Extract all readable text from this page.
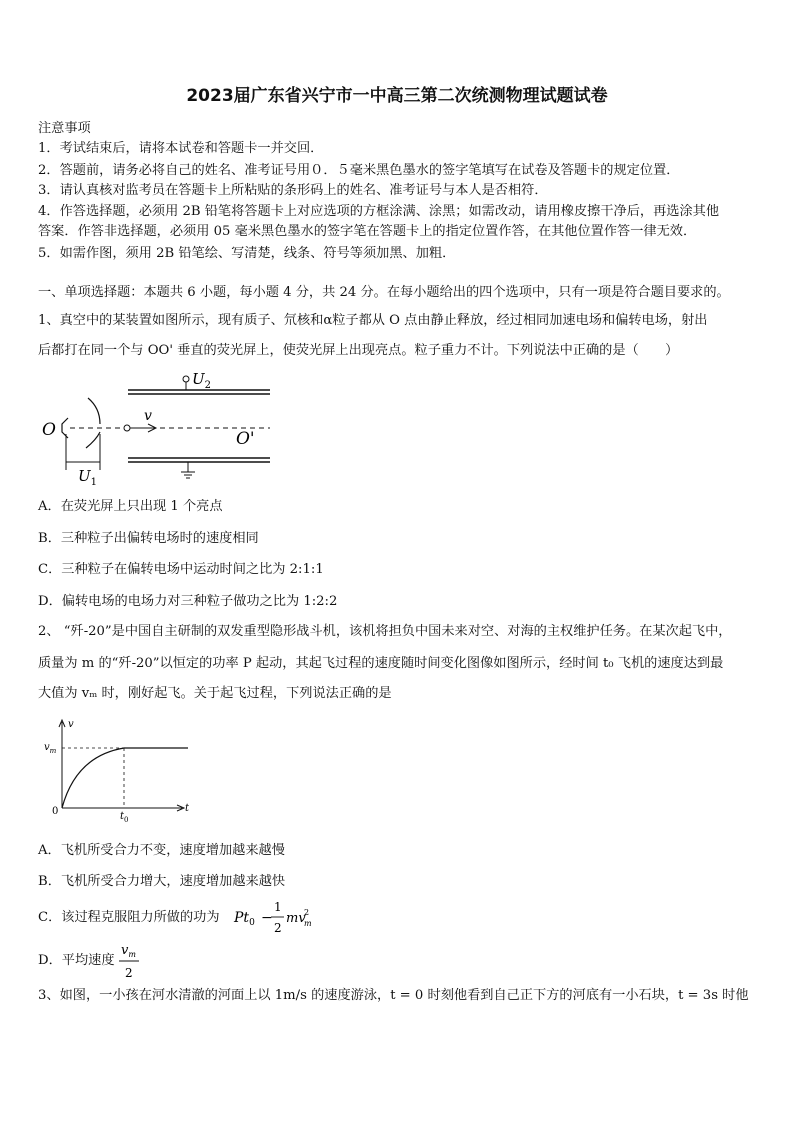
2023届广东省兴宁市一中高三第二次统测物理试题试卷
注意事项
1．考试结束后，请将本试卷和答题卡一并交回．
2．答题前，请务必将自己的姓名、准考证号用０．５毫米黑色墨水的签字笔填写在试卷及答题卡的规定位置．
3．请认真核对监考员在答题卡上所粘贴的条形码上的姓名、准考证号与本人是否相符．
4．作答选择题，必须用 2B 铅笔将答题卡上对应选项的方框涂满、涂黑；如需改动，请用橡皮擦干净后，再选涂其他
答案．作答非选择题，必须用 05 毫米黑色墨水的签字笔在答题卡上的指定位置作答，在其他位置作答一律无效．
5．如需作图，须用 2B 铅笔绘、写清楚，线条、符号等须加黑、加粗．
一、单项选择题：本题共 6 小题，每小题 4 分，共 24 分。在每小题给出的四个选项中，只有一项是符合题目要求的。
1、真空中的某装置如图所示，现有质子、氘核和α粒子都从 O 点由静止释放，经过相同加速电场和偏转电场，射出
后都打在同一个与 OO' 垂直的荧光屏上，使荧光屏上出现亮点。粒子重力不计。下列说法中正确的是（　　）
$U_2$
$U_1$
v
O	O'
A．在荧光屏上只出现 1 个亮点
B．三种粒子出偏转电场时的速度相同
C．三种粒子在偏转电场中运动时间之比为 2:1:1
D．偏转电场的电场力对三种粒子做功之比为 1:2:2
2、 “歼-20”是中国自主研制的双发重型隐形战斗机，该机将担负中国未来对空、对海的主权维护任务。在某次起飞中，
质量为 m 的“歼-20”以恒定的功率 P 起动，其起飞过程的速度随时间变化图像如图所示，经时间 t₀ 飞机的速度达到最
大值为 vₘ 时，刚好起飞。关于起飞过程，下列说法正确的是
v
$v_m$
0	$t_0$
t
A．飞机所受合力不变，速度增加越来越慢
B．飞机所受合力增大，速度增加越来越快
C．该过程克服阻力所做的功为 $Pt_0$ −
1
2
mv
2
m
D．平均速度
$v_m$
2
3、如图，一小孩在河水清澈的河面上以 1m/s 的速度游泳，t = 0 时刻他看到自己正下方的河底有一小石块，t = 3s 时他
